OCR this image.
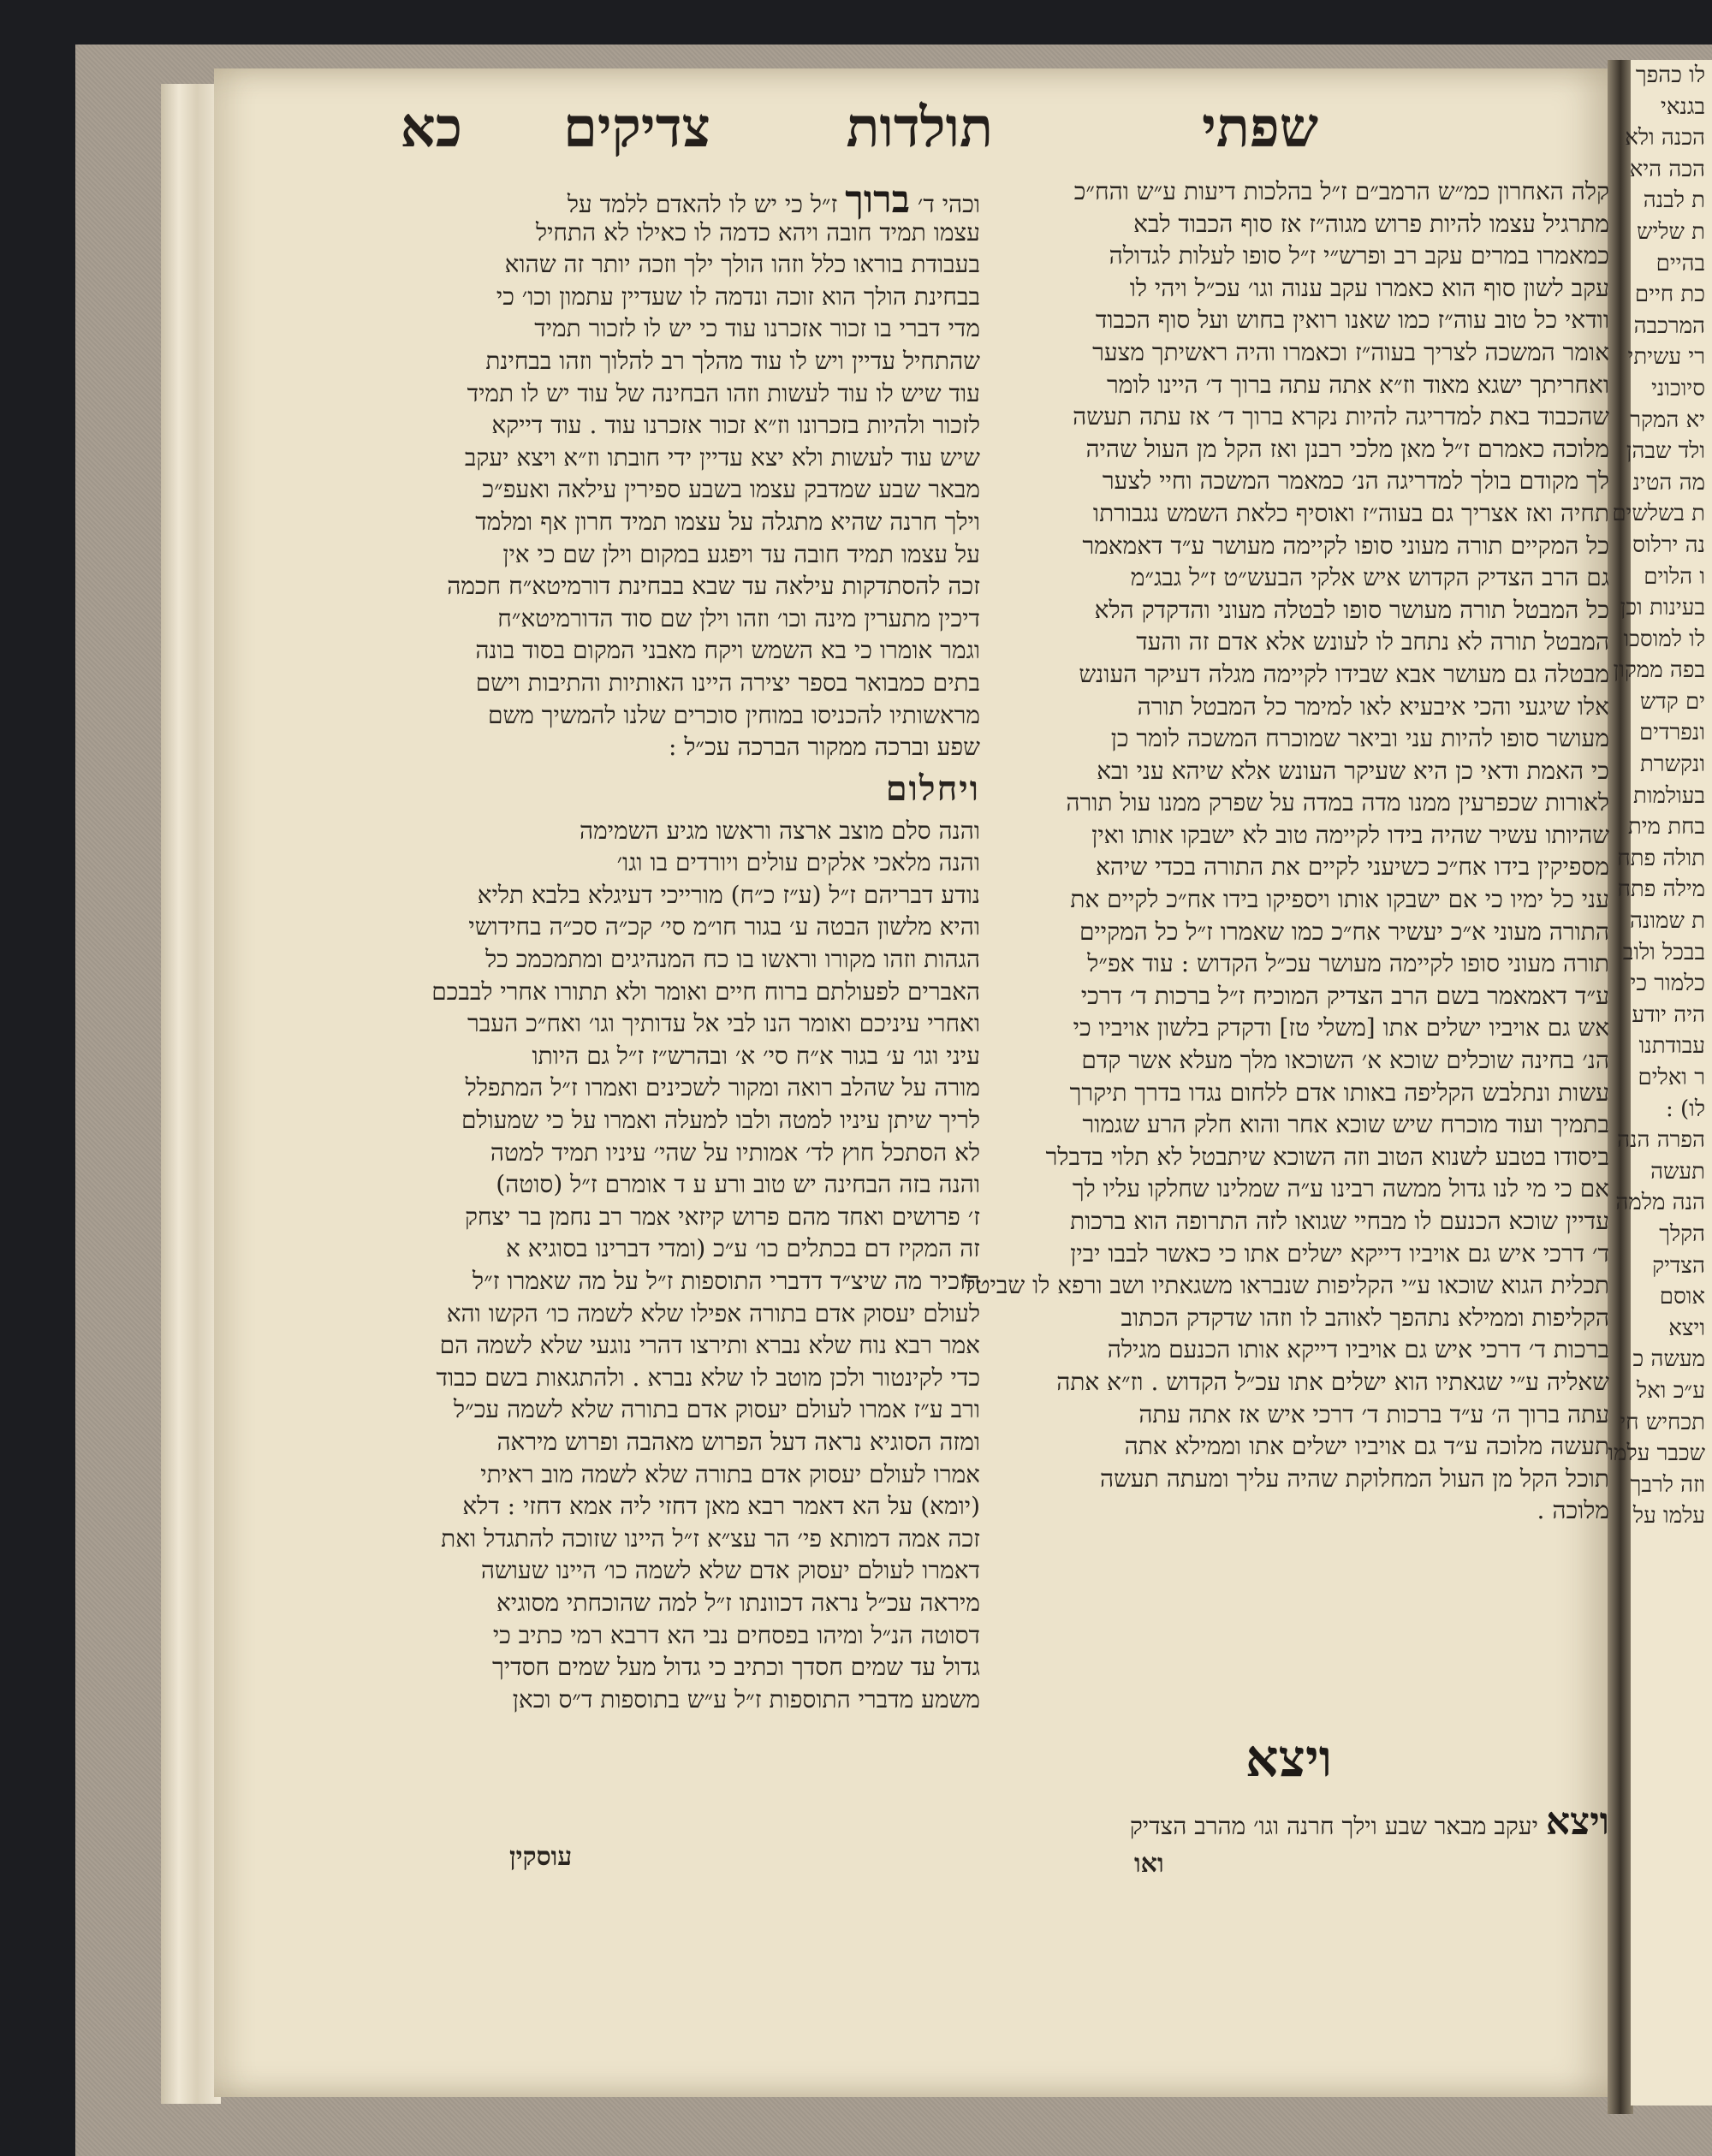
לו כהפך
בגנאי
הכנה ולא
הכה היא
ת לבנה
ת שליש
בהיים
כת חיים
המרכבה
רי עשיתי
סיוכוני
יא המקר
ולד שבהן
מה הטינ
ת בשלשים
נה ירלוס
ו הלוים
בעינות וכן
לו למוסכו
בפה ממקון
ים קדש
ונפרדים
ונקשרת
בעולמות
בחת מית
תולה פתח
מילה פתח
ת שמונה
בבכל ולוב
כלמור כי
היה יודע
עבודתנו
ר ואלים
לו) :
הפרה הנה
תעשה
הנה מלמה
הקלך
הצדיק
אוסם
ויצא
מעשה כ
ע״כ ואל
תכחיש חי
שכבר עלמו
וזה לרבך
עלמו על
שפתי
תולדות
צדיקים
כא
קלה האחרון כמ״ש הרמב״ם ז״ל בהלכות דיעות ע״ש והח״כ
מתרגיל עצמו להיות פרוש מגוה״ז אז סוף הכבוד לבא
כמאמרו במרים עקב רב ופרש״י ז״ל סופו לעלות לגדולה
עקב לשון סוף הוא כאמרו עקב ענוה וגו׳ עכ״ל ויהי לו
וודאי כל טוב עוה״ז כמו שאנו רואין בחוש ועל סוף הכבוד
אומר המשכה לצריך בעוה״ז וכאמרו והיה ראשיתך מצער
ואחריתך ישגא מאוד וז״א אתה עתה ברוך ד׳ היינו לומר
שהכבוד באת למדריגה להיות נקרא ברוך ד׳ אז עתה תעשה
מלוכה כאמרם ז״ל מאן מלכי רבנן ואז הקל מן העול שהיה
לך מקודם בולך למדריגה הנ׳ כמאמר המשכה וחיי לצער
תחיה ואז אצריך גם בעוה״ז ואוסיף כלאת השמש נגבורתו
כל המקיים תורה מעוני סופו לקיימה מעושר ע״ד דאמאמר
גם הרב הצדיק הקדוש איש אלקי הבעש״ט ז״ל גבג״מ
כל המבטל תורה מעושר סופו לבטלה מעוני והדקדק הלא
המבטל תורה לא נתחב לו לעונש אלא אדם זה והעד
מבטלה גם מעושר אבא שבידו לקיימה מגלה דעיקר העונש
אלו שיגעי והכי איבעיא לאו למימר כל המבטל תורה
מעושר סופו להיות עני וביאר שמוכרח המשכה לומר כן
כי האמת ודאי כן היא שעיקר העונש אלא שיהא עני ובא
לאורות שכפרעין ממנו מדה במדה על שפרק ממנו עול תורה
שהיותו עשיר שהיה בידו לקיימה טוב לא ישבקו אותו ואין
מספיקין בידו אח״כ כשיעני לקיים את התורה בכדי שיהא
עני כל ימיו כי אם ישבקו אותו ויספיקו בידו אח״כ לקיים את
התורה מעוני א״כ יעשיר אח״כ כמו שאמרו ז״ל כל המקיים
תורה מעוני סופו לקיימה מעושר עכ״ל הקדוש : עוד אפ״ל
ע״ד דאמאמר בשם הרב הצדיק המוכיח ז״ל ברכות ד׳ דרכי
אש גם אויביו ישלים אתו [משלי טז] ודקדק בלשון אויביו כי
הנ׳ בחינה שוכלים שוכא א׳ השוכאו מלך מעלא אשר קדם
עשות ונתלבש הקליפה באותו אדם ללחום נגדו בדרך תיקרך
בתמיך ועוד מוכרח שיש שוכא אחר והוא חלק הרע שגמור
ביסודו בטבע לשנוא הטוב וזה השוכא שיתבטל לא תלוי בדבלר
אם כי מי לנו גדול ממשה רבינו ע״ה שמלינו שחלקו עליו לך
עדיין שוכא הכנעם לו מבחיי שגואו לזה התרופה הוא ברכות
ד׳ דרכי איש גם אויביו דייקא ישלים אתו כי כאשר לבבו יבין
תכלית הגוא שוכאו ע״י הקליפות שנבראו משגאתיו ושב ורפא לו שביטל
הקליפות וממילא נתהפך לאוהב לו וזהו שדקדק הכתוב
ברכות ד׳ דרכי איש גם אויביו דייקא אותו הכנעם מגילה
שאליה ע״י שגאתיו הוא ישלים אתו עכ״ל הקדוש . וז״א אתה
עתה ברוך ה׳ ע״ד ברכות ד׳ דרכי איש אז אתה עתה
תעשה מלוכה ע״ד גם אויביו ישלים אתו וממילא אתה
תוכל הקל מן העול המחלוקת שהיה עליך ומעתה תעשה
מלוכה .
ויצא
ויצא יעקב מבאר שבע וילך חרנה וגו׳ מהרב הצדיק
ואו
וכהי ד׳ ברוך ז״ל כי יש לו להאדם ללמד על
עצמו תמיד חובה ויהא כדמה לו כאילו לא התחיל
בעבודת בוראו כלל וזהו הולך ילך וזכה יותר זה שהוא
בבחינת הולך הוא זוכה ונדמה לו שעדיין עתמון וכו׳ כי
מדי דברי בו זכור אזכרנו עוד כי יש לו לזכור תמיד
שהתחיל עדיין ויש לו עוד מהלך רב להלוך וזהו בבחינת
עוד שיש לו עוד לעשות וזהו הבחינה של עוד יש לו תמיד
לזכור ולהיות בזכרונו וז״א זכור אזכרנו עוד . עוד דייקא
שיש עוד לעשות ולא יצא עדיין ידי חובתו וז״א ויצא יעקב
מבאר שבע שמדבק עצמו בשבע ספירין עילאה ואעפ״כ
וילך חרנה שהיא מתגלה על עצמו תמיד חרון אף ומלמד
על עצמו תמיד חובה עד ויפגע במקום וילן שם כי אין
זכה להסתדקות עילאה עד שבא בבחינת דורמיטא״ח חכמה
דיכין מתערין מינה וכו׳ וזהו וילן שם סוד הדורמיטא״ח
וגמר אומרו כי בא השמש ויקח מאבני המקום בסוד בונה
בתים כמבואר בספר יצירה היינו האותיות והתיבות וישם
מראשותיו להכניסו במוחין סוכרים שלנו להמשיך משם
שפע וברכה ממקור הברכה עכ״ל :
ויחלום
והנה סלם מוצב ארצה וראשו מגיע השמימה
והנה מלאכי אלקים עולים ויורדים בו וגו׳
נודע דבריהם ז״ל (ע״ז כ״ח) מורייכי דעיגלא בלבא תליא
והיא מלשון הבטה ע׳ בגור חו״מ סי׳ קכ״ה סכ״ה בחידושי
הגהות וזהו מקורו וראשו בו כח המנהיגים ומתמכמכ כל
האברים לפעולתם ברוח חיים ואומר ולא תתורו אחרי לבבכם
ואחרי עיניכם ואומר הנו לבי אל עדותיך וגו׳ ואח״כ העבר
עיני וגו׳ ע׳ בגור א״ח סי׳ א׳ ובהרש״ז ז״ל גם היותו
מורה על שהלב רואה ומקור לשכינים ואמרו ז״ל המתפלל
לריך שיתן עיניו למטה ולבו למעלה ואמרו על כי שמעולם
לא הסתכל חוץ לד׳ אמותיו על שהי׳ עיניו תמיד למטה
והנה בזה הבחינה יש טוב ורע ע ד אומרם ז״ל (סוטה)
ז׳ פרושים ואחד מהם פרוש קיזאי אמר רב נחמן בר יצחק
זה המקיז דם בכתלים כו׳ ע״כ (ומדי דברינו בסוגיא א
הזכיר מה שיצ״ד דדברי התוספות ז״ל על מה שאמרו ז״ל
לעולם יעסוק אדם בתורה אפילו שלא לשמה כו׳ הקשו והא
אמר רבא נוח שלא נברא ותירצו דהרי נוגעי שלא לשמה הם
כדי לקינטור ולכן מוטב לו שלא נברא . ולהתגאות בשם כבוד
ורב ע״ז אמרו לעולם יעסוק אדם בתורה שלא לשמה עכ״ל
ומזה הסוגיא נראה דעל הפרוש מאהבה ופרוש מיראה
אמרו לעולם יעסוק אדם בתורה שלא לשמה מוב ראיתי
(יומא) על הא דאמר רבא מאן דחזי ליה אמא דחזי : דלא
זכה אמה דמותא פי׳ הר עצ״א ז״ל היינו שזוכה להתגדל ואת
דאמרו לעולם יעסוק אדם שלא לשמה כו׳ היינו שעושה
מיראה עכ״ל נראה דכוונתו ז״ל למה שהוכחתי מסוגיא
דסוטה הנ״ל ומיהו בפסחים נבי הא דרבא רמי כתיב כי
גדול עד שמים חסדך וכתיב כי גדול מעל שמים חסדיך
משמע מדברי התוספות ז״ל ע״ש בתוספות ד״ס וכאן
עוסקין
